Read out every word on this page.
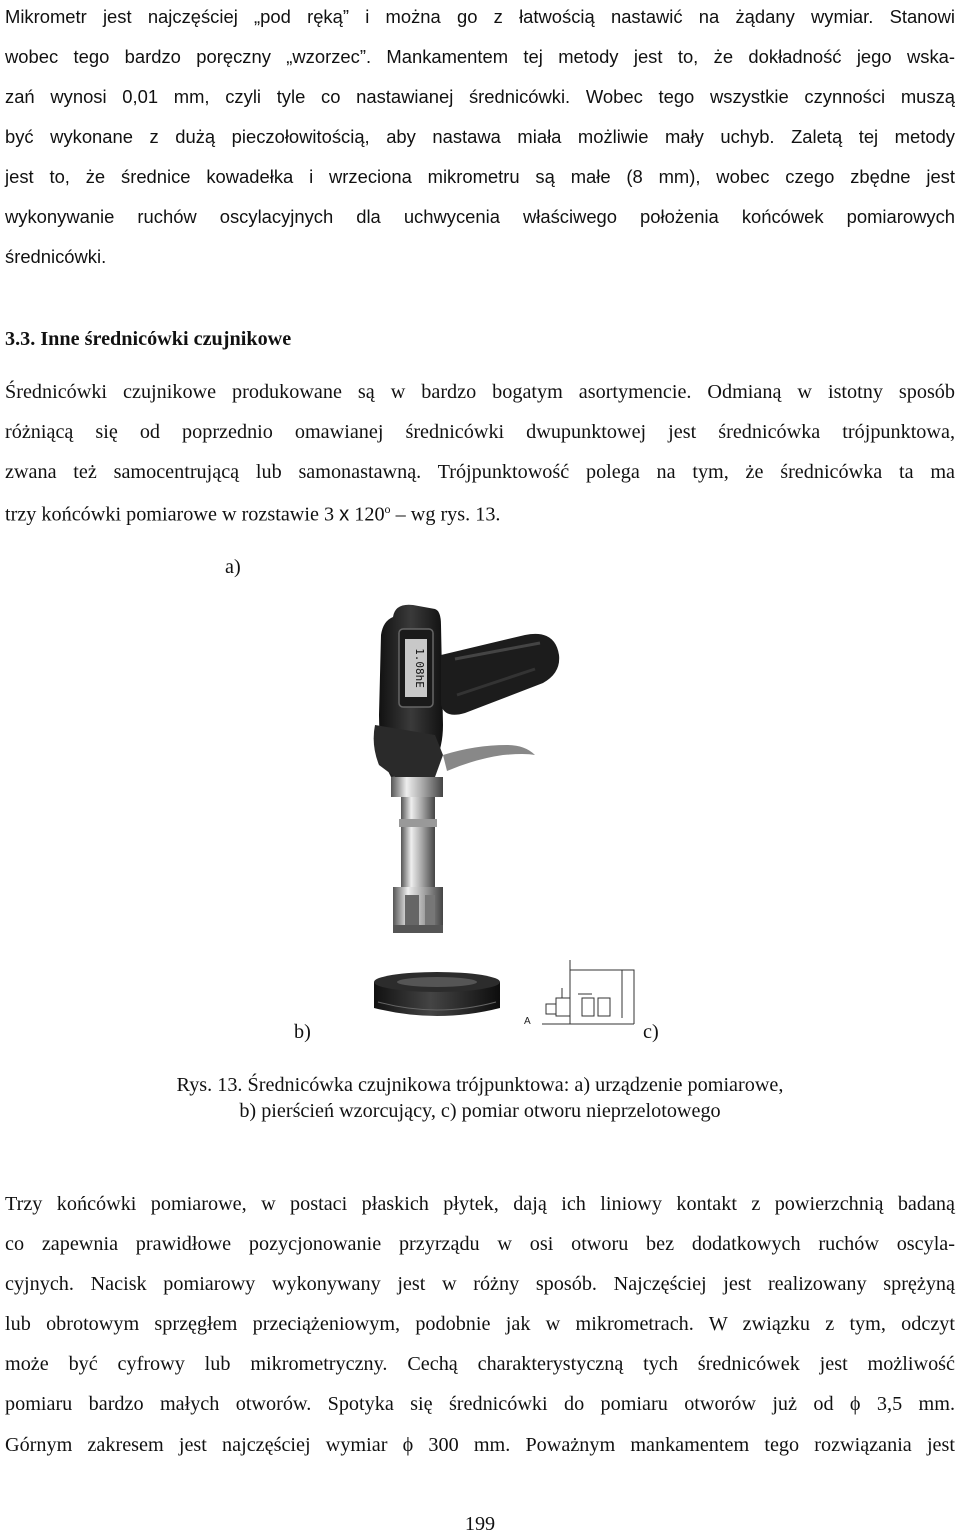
Mikrometr jest najczęściej „pod ręką” i można go z łatwością nastawić na żądany wymiar. Stanowi
wobec tego bardzo poręczny „wzorzec”. Mankamentem tej metody jest to, że dokładność jego wska-
zań wynosi 0,01 mm, czyli tyle co nastawianej średnicówki. Wobec tego wszystkie czynności muszą
być wykonane z dużą pieczołowitością, aby nastawa miała możliwie mały uchyb. Zaletą tej metody
jest to, że średnice kowadełka i wrzeciona mikrometru są małe (8 mm), wobec czego zbędne jest
wykonywanie ruchów oscylacyjnych dla uchwycenia właściwego położenia końcówek pomiarowych
średnicówki.
3.3. Inne średnicówki czujnikowe
Średnicówki czujnikowe produkowane są w bardzo bogatym asortymencie. Odmianą w istotny sposób
różniącą się od poprzednio omawianej średnicówki dwupunktowej jest średnicówka trójpunktowa,
zwana też samocentrującą lub samonastawną. Trójpunktowość polega na tym, że średnicówka ta ma
trzy końcówki pomiarowe w rozstawie 3 x 120$^o$ – wg rys. 13.
a)
b)	c)
1.08hE
A
Rys. 13. Średnicówka czujnikowa trójpunktowa: a) urządzenie pomiarowe,
b) pierścień wzorcujący, c) pomiar otworu nieprzelotowego
Trzy końcówki pomiarowe, w postaci płaskich płytek, dają ich liniowy kontakt z powierzchnią badaną
co zapewnia prawidłowe pozycjonowanie przyrządu w osi otworu bez dodatkowych ruchów oscyla-
cyjnych. Nacisk pomiarowy wykonywany jest w różny sposób. Najczęściej jest realizowany sprężyną
lub obrotowym sprzęgłem przeciążeniowym, podobnie jak w mikrometrach. W związku z tym, odczyt
może być cyfrowy lub mikrometryczny. Cechą charakterystyczną tych średnicówek jest możliwość
pomiaru bardzo małych otworów. Spotyka się średnicówki do pomiaru otworów już od ϕ 3,5 mm.
Górnym zakresem jest najczęściej wymiar ϕ 300 mm. Poważnym mankamentem tego rozwiązania jest
199
